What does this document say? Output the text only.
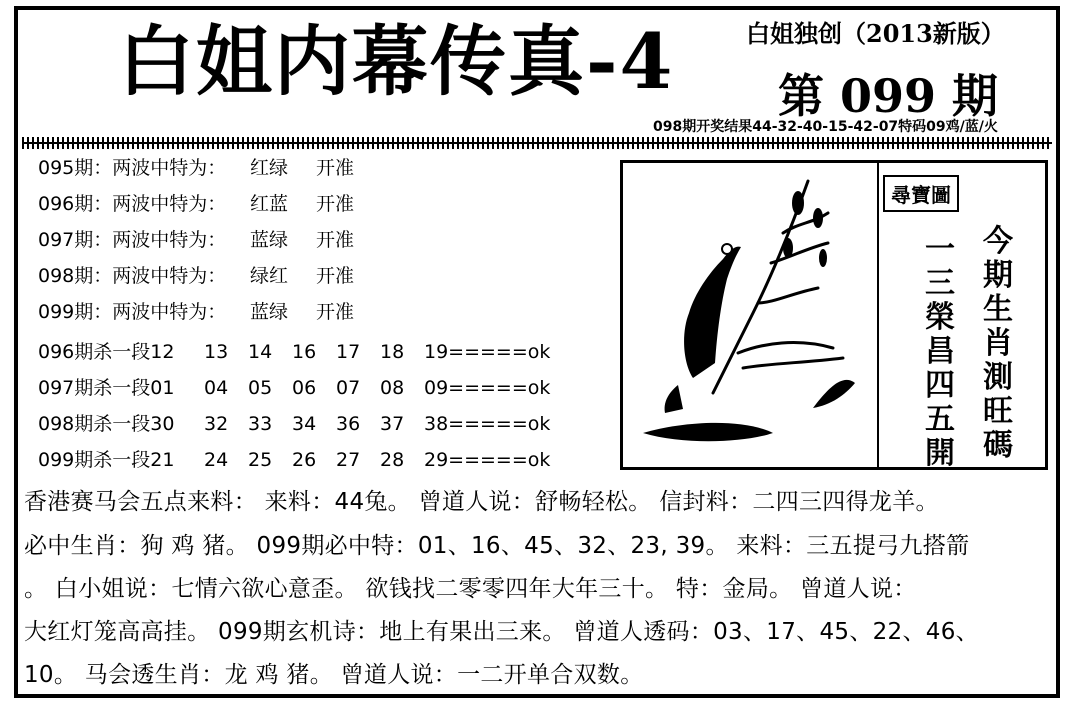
白姐内幕传真-4	白姐独创（2013新版）
第 099 期
098期开奖结果44-32-40-15-42-07特码09鸡/蓝/火
095期：两波中特为： 红绿 开准
096期：两波中特为： 红蓝 开准
097期：两波中特为： 蓝绿 开准
098期：两波中特为： 绿红 开准
099期：两波中特为： 蓝绿 开准
096期杀一段12 13 14 16 17 18 19=====ok
097期杀一段01 04 05 06 07 08 09=====ok
098期杀一段30 32 33 34 36 37 38=====ok
099期杀一段21 24 25 26 27 28 29=====ok
尋寶圖
今期生肖測旺碼
一三榮昌四五開
香港赛马会五点来料： 来料：44兔。 曾道人说：舒畅轻松。 信封料：二四三四得龙羊。
必中生肖：狗 鸡 猪。 099期必中特：01、16、45、32、23, 39。 来料：三五提弓九搭箭
。 白小姐说：七情六欲心意歪。 欲钱找二零零四年大年三十。 特：金局。 曾道人说：
大红灯笼高高挂。 099期玄机诗：地上有果出三来。 曾道人透码：03、17、45、22、46、
10。 马会透生肖：龙 鸡 猪。 曾道人说：一二开单合双数。
